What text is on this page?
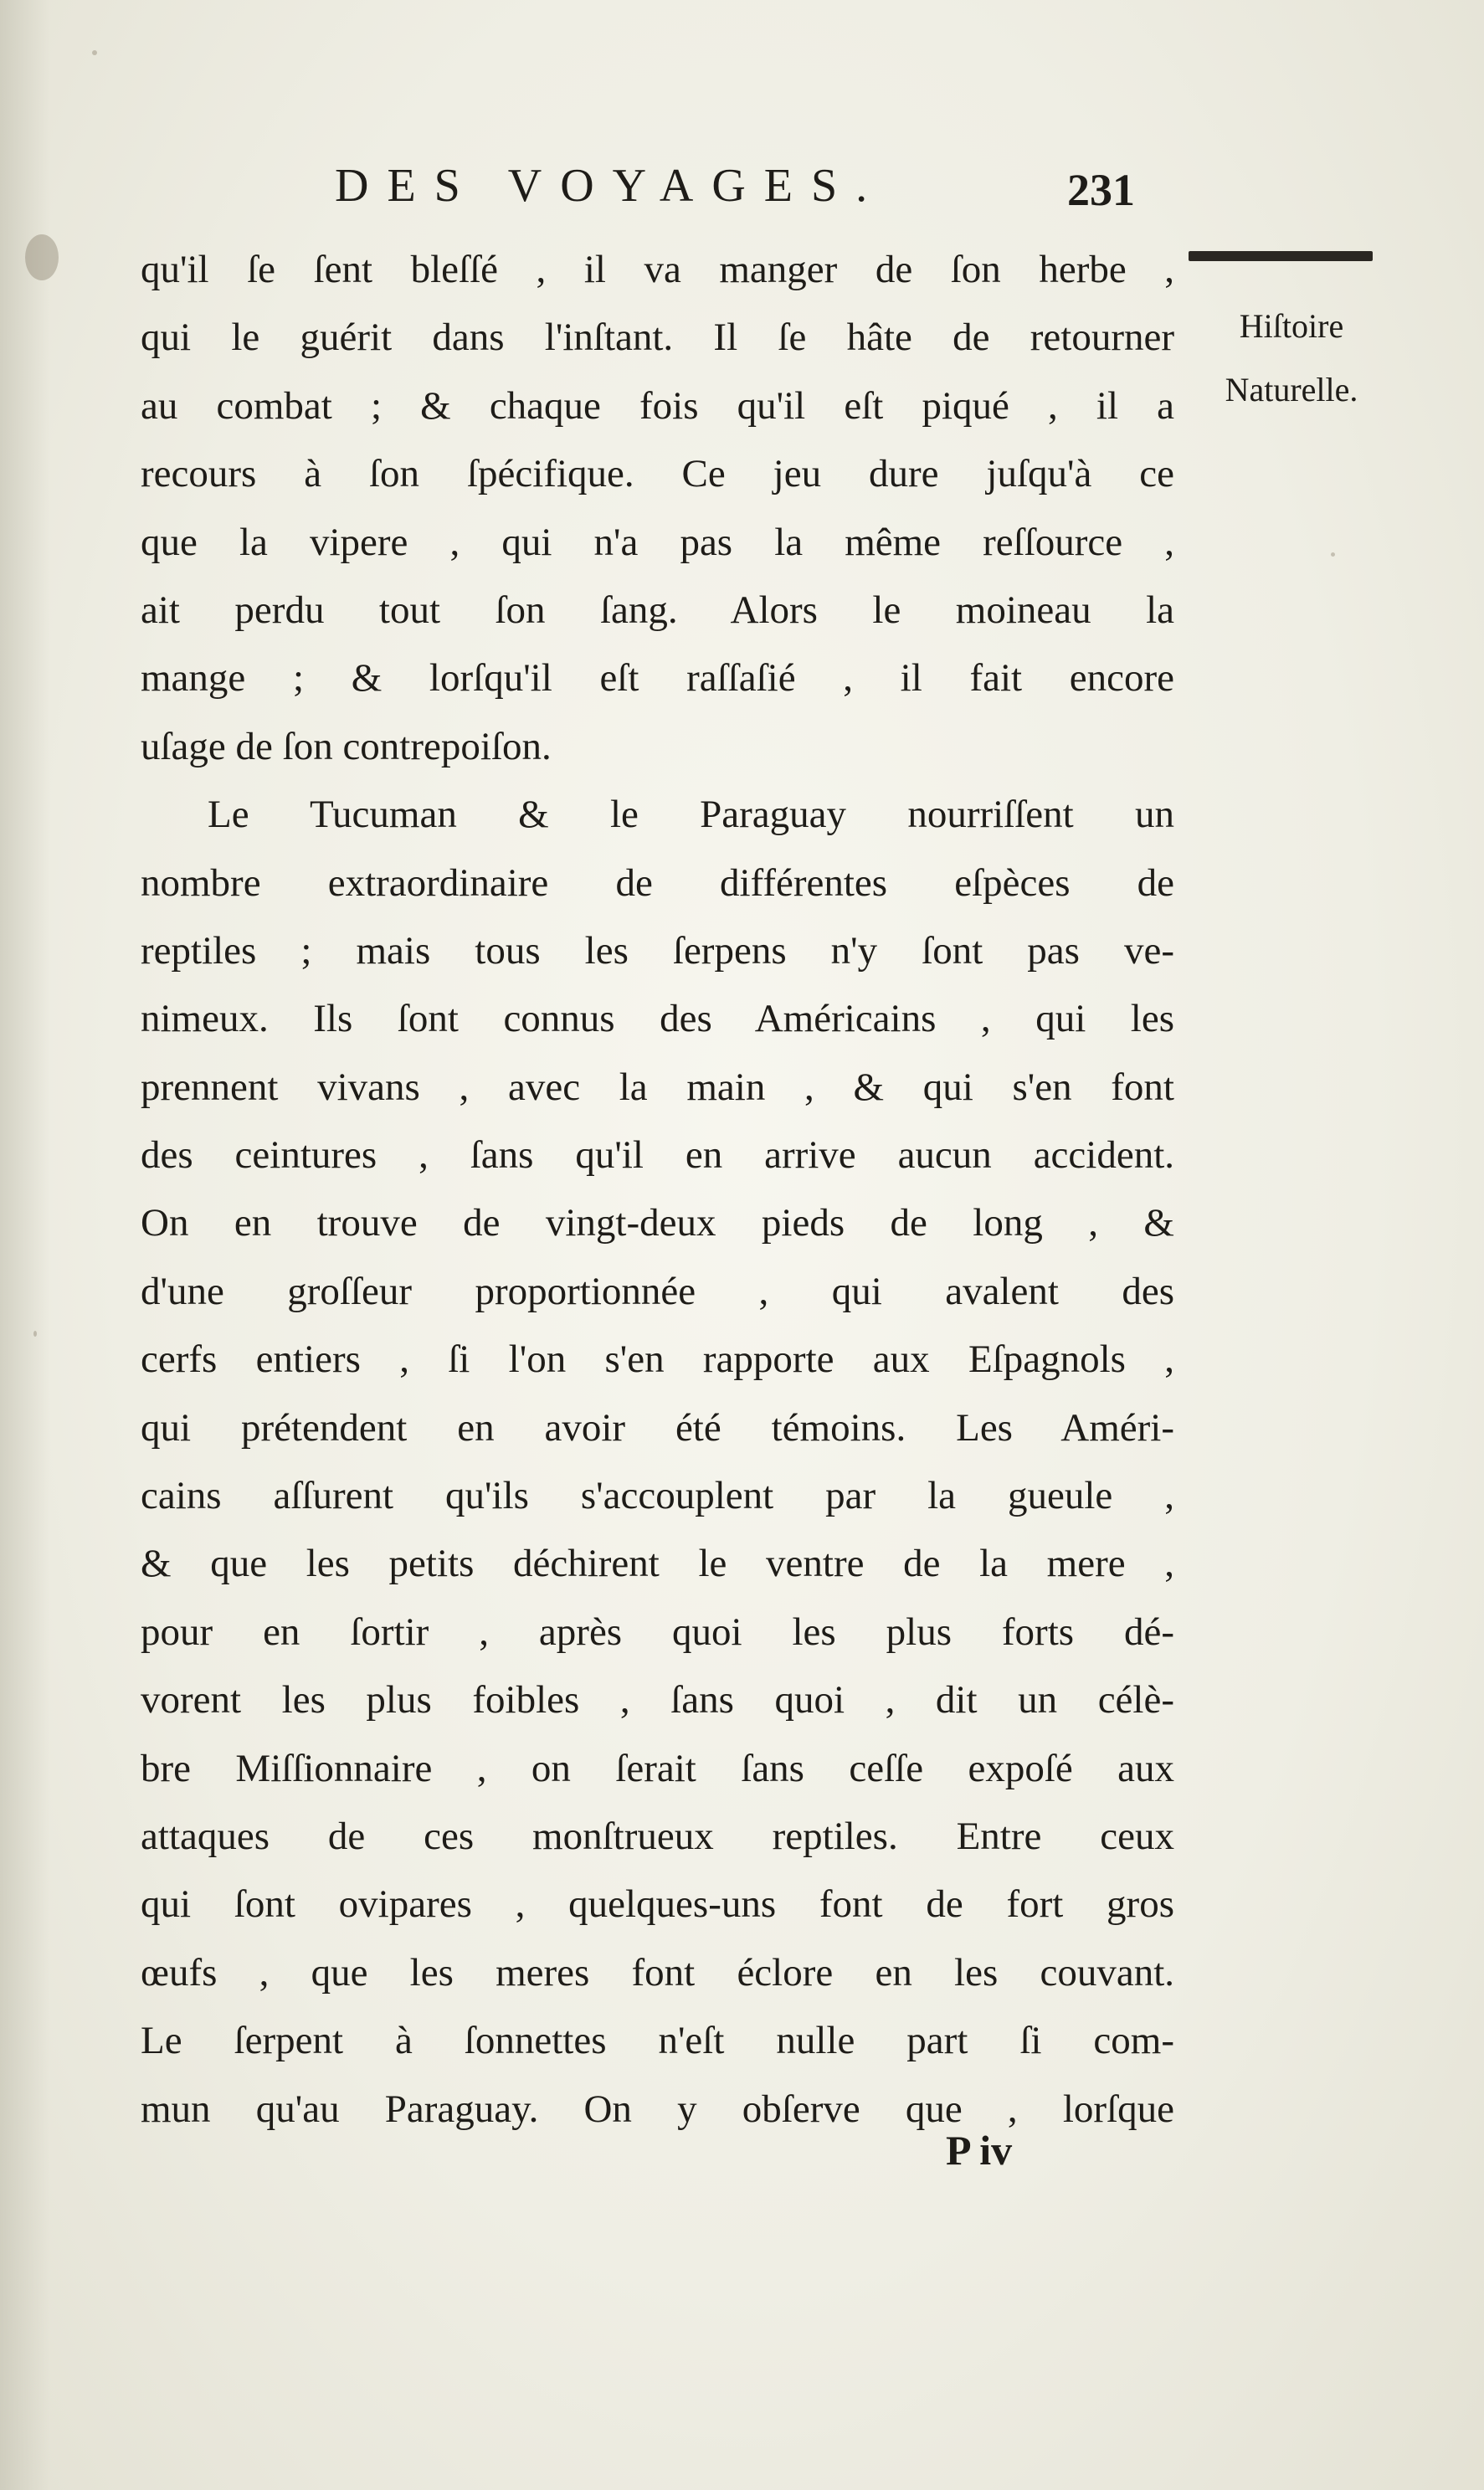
DES VOYAGES.	231
Hiſtoire
Naturelle.
qu'il ſe ſent bleſſé , il va manger de ſon herbe ,
qui le guérit dans l'inſtant. Il ſe hâte de retourner
au combat ; & chaque fois qu'il eſt piqué , il a
recours à ſon ſpécifique. Ce jeu dure juſqu'à ce
que la vipere , qui n'a pas la même reſſource ,
ait perdu tout ſon ſang. Alors le moineau la
mange ; & lorſqu'il eſt raſſaſié , il fait encore
uſage de ſon contrepoiſon.
Le Tucuman & le Paraguay nourriſſent un
nombre extraordinaire de différentes eſpèces de
reptiles ; mais tous les ſerpens n'y ſont pas ve-
nimeux. Ils ſont connus des Américains , qui les
prennent vivans , avec la main , & qui s'en font
des ceintures , ſans qu'il en arrive aucun accident.
On en trouve de vingt-deux pieds de long , &
d'une groſſeur proportionnée , qui avalent des
cerfs entiers , ſi l'on s'en rapporte aux Eſpagnols ,
qui prétendent en avoir été témoins. Les Améri-
cains aſſurent qu'ils s'accouplent par la gueule ,
& que les petits déchirent le ventre de la mere ,
pour en ſortir , après quoi les plus forts dé-
vorent les plus foibles , ſans quoi , dit un célè-
bre Miſſionnaire , on ſerait ſans ceſſe expoſé aux
attaques de ces monſtrueux reptiles. Entre ceux
qui ſont ovipares , quelques-uns font de fort gros
œufs , que les meres font éclore en les couvant.
Le ſerpent à ſonnettes n'eſt nulle part ſi com-
mun qu'au Paraguay. On y obſerve que , lorſque
P iv
